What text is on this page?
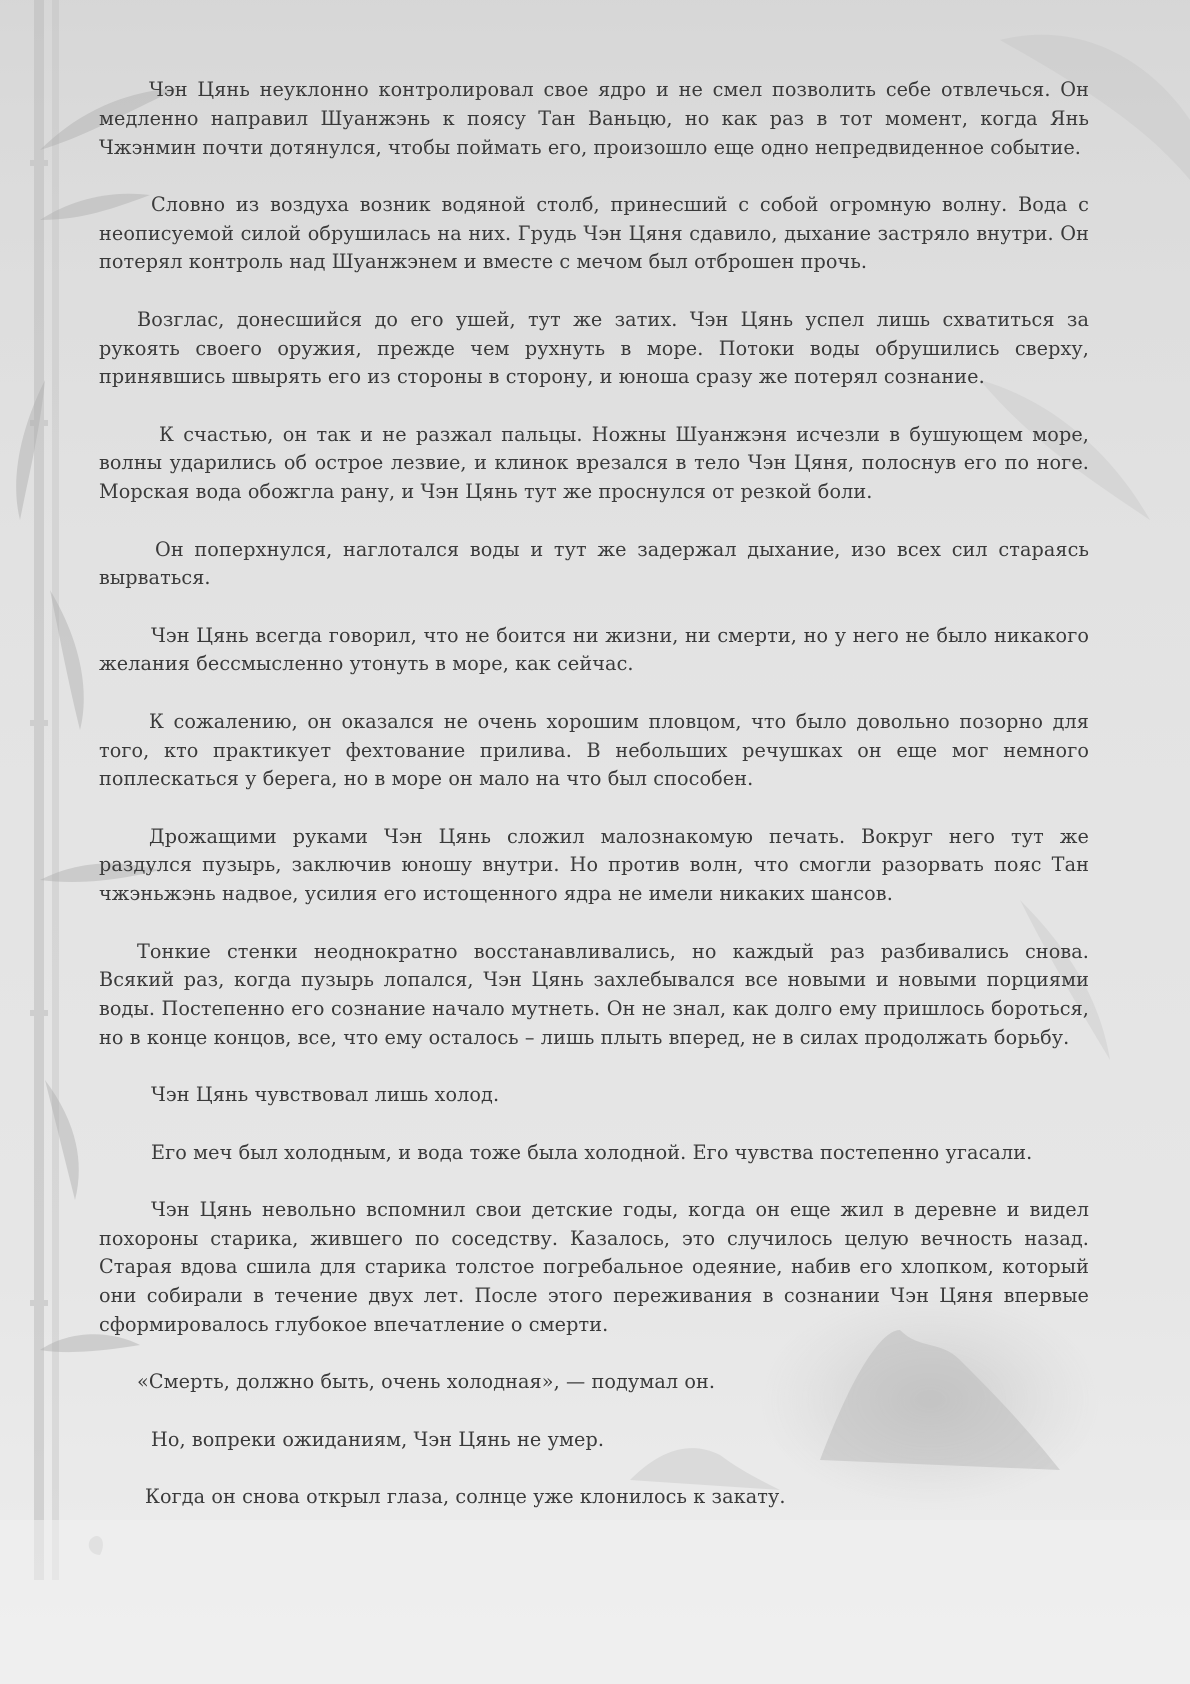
Чэн Цянь неуклонно контролировал свое ядро и не смел позволить себе отвлечься. Он медленно направил Шуанжэнь к поясу Тан Ваньцю, но как раз в тот момент, когда Янь Чжэнмин почти дотянулся, чтобы поймать его, произошло еще одно непредвиденное событие.

Словно из воздуха возник водяной столб, принесший с собой огромную волну. Вода с неописуемой силой обрушилась на них. Грудь Чэн Цяня сдавило, дыхание застряло внутри. Он потерял контроль над Шуанжэнем и вместе с мечом был отброшен прочь.

Возглас, донесшийся до его ушей, тут же затих. Чэн Цянь успел лишь схватиться за рукоять своего оружия, прежде чем рухнуть в море. Потоки воды обрушились сверху, принявшись швырять его из стороны в сторону, и юноша сразу же потерял сознание.

К счастью, он так и не разжал пальцы. Ножны Шуанжэня исчезли в бушующем море, волны ударились об острое лезвие, и клинок врезался в тело Чэн Цяня, полоснув его по ноге. Морская вода обожгла рану, и Чэн Цянь тут же проснулся от резкой боли.

Он поперхнулся, наглотался воды и тут же задержал дыхание, изо всех сил стараясь вырваться.

Чэн Цянь всегда говорил, что не боится ни жизни, ни смерти, но у него не было никакого желания бессмысленно утонуть в море, как сейчас.

К сожалению, он оказался не очень хорошим пловцом, что было довольно позорно для того, кто практикует фехтование прилива. В небольших речушках он еще мог немного поплескаться у берега, но в море он мало на что был способен.

Дрожащими руками Чэн Цянь сложил малознакомую печать. Вокруг него тут же раздулся пузырь, заключив юношу внутри. Но против волн, что смогли разорвать пояс Тан чжэньжэнь надвое, усилия его истощенного ядра не имели никаких шансов.

Тонкие стенки неоднократно восстанавливались, но каждый раз разбивались снова. Всякий раз, когда пузырь лопался, Чэн Цянь захлебывался все новыми и новыми порциями воды. Постепенно его сознание начало мутнеть. Он не знал, как долго ему пришлось бороться, но в конце концов, все, что ему осталось – лишь плыть вперед, не в силах продолжать борьбу.

Чэн Цянь чувствовал лишь холод.

Его меч был холодным, и вода тоже была холодной. Его чувства постепенно угасали.

Чэн Цянь невольно вспомнил свои детские годы, когда он еще жил в деревне и видел похороны старика, жившего по соседству. Казалось, это случилось целую вечность назад. Старая вдова сшила для старика толстое погребальное одеяние, набив его хлопком, который они собирали в течение двух лет. После этого переживания в сознании Чэн Цяня впервые сформировалось глубокое впечатление о смерти.

«Смерть, должно быть, очень холодная», — подумал он.

Но, вопреки ожиданиям, Чэн Цянь не умер.

Когда он снова открыл глаза, солнце уже клонилось к закату.
